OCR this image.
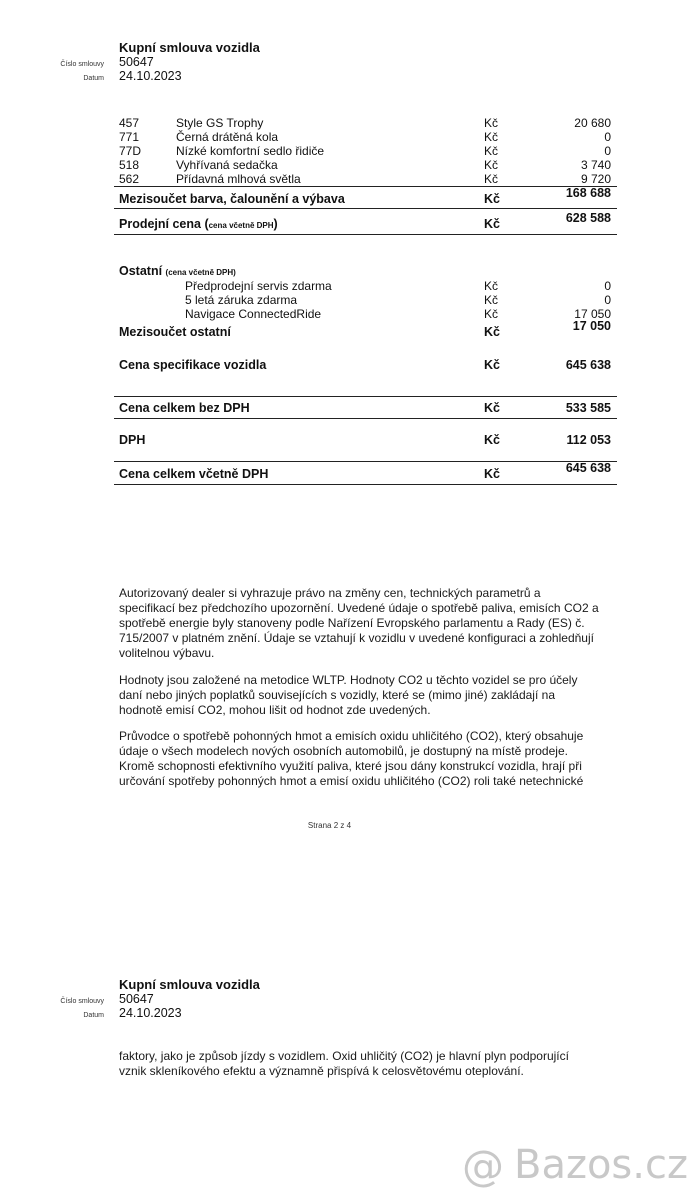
Kupní smlouva vozidla
Číslo smlouvy 50647
Datum 24.10.2023
457	Style GS Trophy	Kč	20 680
771	Černá drátěná kola	Kč	0
77D	Nízké komfortní sedlo řidiče	Kč	0
518	Vyhřívaná sedačka	Kč	3 740
562	Přídavná mlhová světla	Kč	9 720
Mezisoučet barva, čalounění a výbava	Kč	168 688
Prodejní cena (cena včetně DPH)	Kč	628 588
Ostatní (cena včetně DPH)
Předprodejní servis zdarma	Kč	0
5 letá záruka zdarma	Kč	0
Navigace ConnectedRide	Kč	17 050
Mezisoučet ostatní	Kč	17 050
Cena specifikace vozidla	Kč	645 638
Cena celkem bez DPH	Kč	533 585
DPH	Kč	112 053
Cena celkem včetně DPH	Kč	645 638

Autorizovaný dealer si vyhrazuje právo na změny cen, technických parametrů a specifikací bez předchozího upozornění. Uvedené údaje o spotřebě paliva, emisích CO2 a spotřebě energie byly stanoveny podle Nařízení Evropského parlamentu a Rady (ES) č. 715/2007 v platném znění. Údaje se vztahují k vozidlu v uvedené konfiguraci a zohledňují volitelnou výbavu.

Hodnoty jsou založené na metodice WLTP. Hodnoty CO2 u těchto vozidel se pro účely daní nebo jiných poplatků souvisejících s vozidly, které se (mimo jiné) zakládají na hodnotě emisí CO2, mohou lišit od hodnot zde uvedených.

Průvodce o spotřebě pohonných hmot a emisích oxidu uhličitého (CO2), který obsahuje údaje o všech modelech nových osobních automobilů, je dostupný na místě prodeje. Kromě schopnosti efektivního využití paliva, které jsou dány konstrukcí vozidla, hrají při určování spotřeby pohonných hmot a emisí oxidu uhličitého (CO2) roli také netechnické

Strana 2 z 4
Kupní smlouva vozidla
Číslo smlouvy 50647
Datum 24.10.2023

faktory, jako je způsob jízdy s vozidlem. Oxid uhličitý (CO2) je hlavní plyn podporující vznik skleníkového efektu a významně přispívá k celosvětovému oteplování.

@ Bazos.cz
